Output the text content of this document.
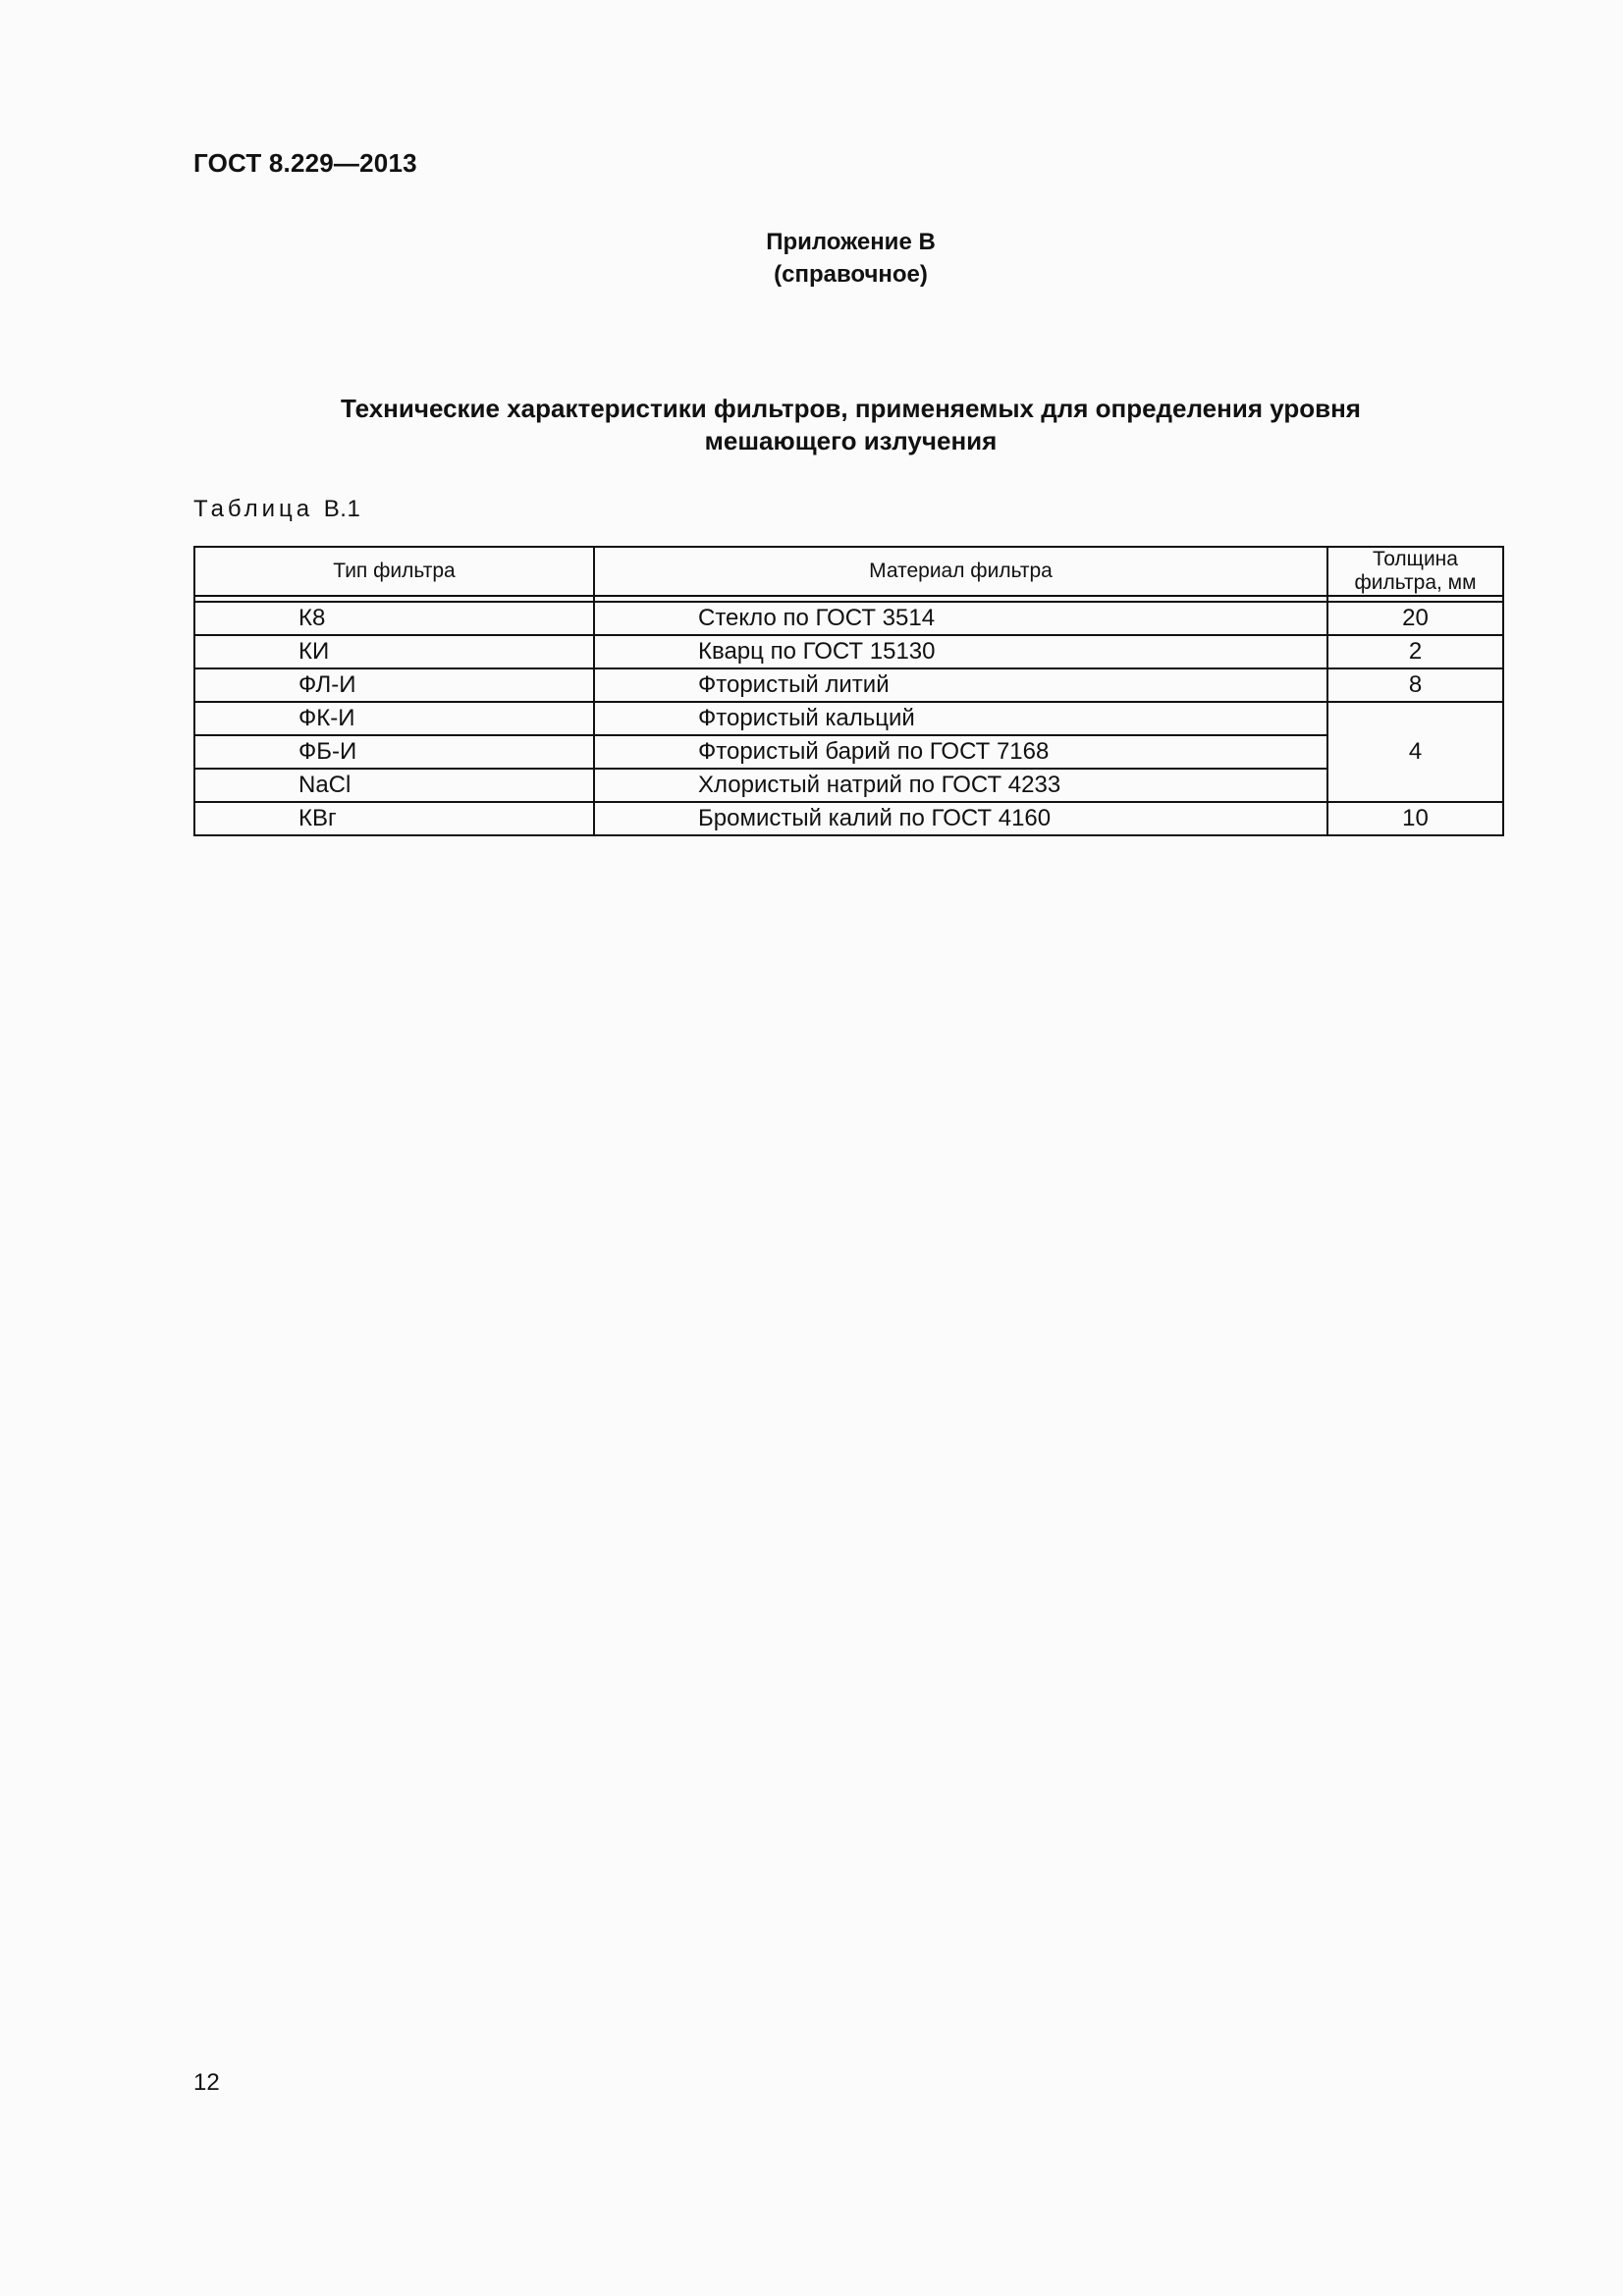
ГОСТ 8.229—2013
Приложение В
(справочное)
Технические характеристики фильтров, применяемых для определения уровня
мешающего излучения
Таблица В.1
Тип фильтра	Материал фильтра	Толщина фильтра, мм

К8	Стекло по ГОСТ 3514	20
КИ	Кварц по ГОСТ 15130	2
ФЛ-И	Фтористый литий	8
ФК-И	Фтористый кальций	4
ФБ-И	Фтористый барий по ГОСТ 7168	
NaCl	Хлористый натрий по ГОСТ 4233	
КВг	Бромистый калий по ГОСТ 4160	10
12
